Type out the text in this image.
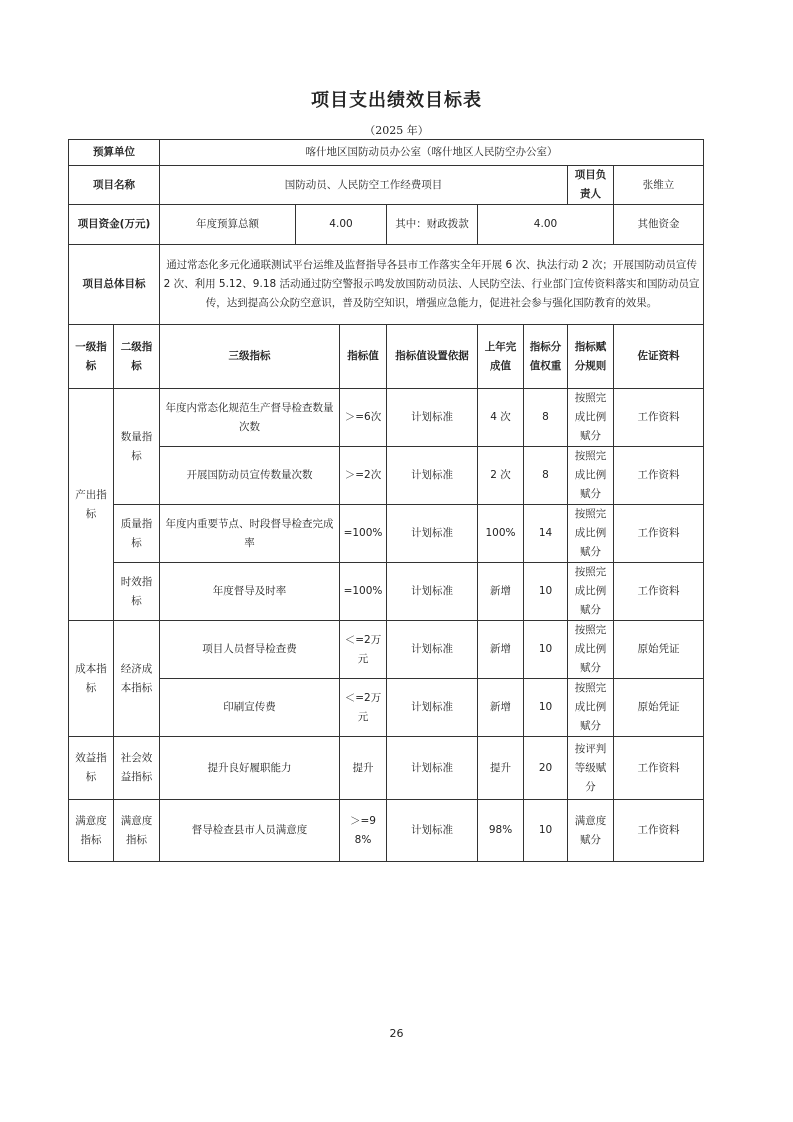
项目支出绩效目标表
（2025 年）
预算单位		喀什地区国防动员办公室（喀什地区人民防空办公室）							
项目名称		国防动员、人民防空工作经费项目						项目负责人	张维立
项目资金(万元)		年度预算总额	4.00		其中：财政拨款	4.00			其他资金

项目总体目标		通过常态化多元化通联测试平台运维及监督指导各县市工作落实全年开展 6 次、执法行动 2 次；开展国防动员宣传 2 次、利用 5.12、9.18 活动通过防空警报示鸣发放国防动员法、人民防空法、行业部门宣传资料落实和国防动员宣传，达到提高公众防空意识，普及防空知识，增强应急能力，促进社会参与强化国防教育的效果。							
一级指标	二级指标	三级指标		指标值	指标值设置依据	上年完成值	指标分值权重	指标赋分规则	佐证资料
产出指标	数量指标	年度内常态化规范生产督导检查数量次数		＞=6次	计划标准	4 次	8	按照完成比例赋分	工作资料
		开展国防动员宣传数量次数		＞=2次	计划标准	2 次	8	按照完成比例赋分	工作资料
	质量指标	年度内重要节点、时段督导检查完成率		=100%	计划标准	100%	14	按照完成比例赋分	工作资料
	时效指标	年度督导及时率		=100%	计划标准	新增	10	按照完成比例赋分	工作资料
成本指标	经济成本指标	项目人员督导检查费		＜=2万元	计划标准	新增	10	按照完成比例赋分	原始凭证
		印刷宣传费		＜=2万元	计划标准	新增	10	按照完成比例赋分	原始凭证
效益指标	社会效益指标	提升良好履职能力		提升	计划标准	提升	20	按评判等级赋分	工作资料
满意度指标	满意度指标	督导检查县市人员满意度		＞=98%	计划标准	98%	10	满意度赋分	工作资料
26
